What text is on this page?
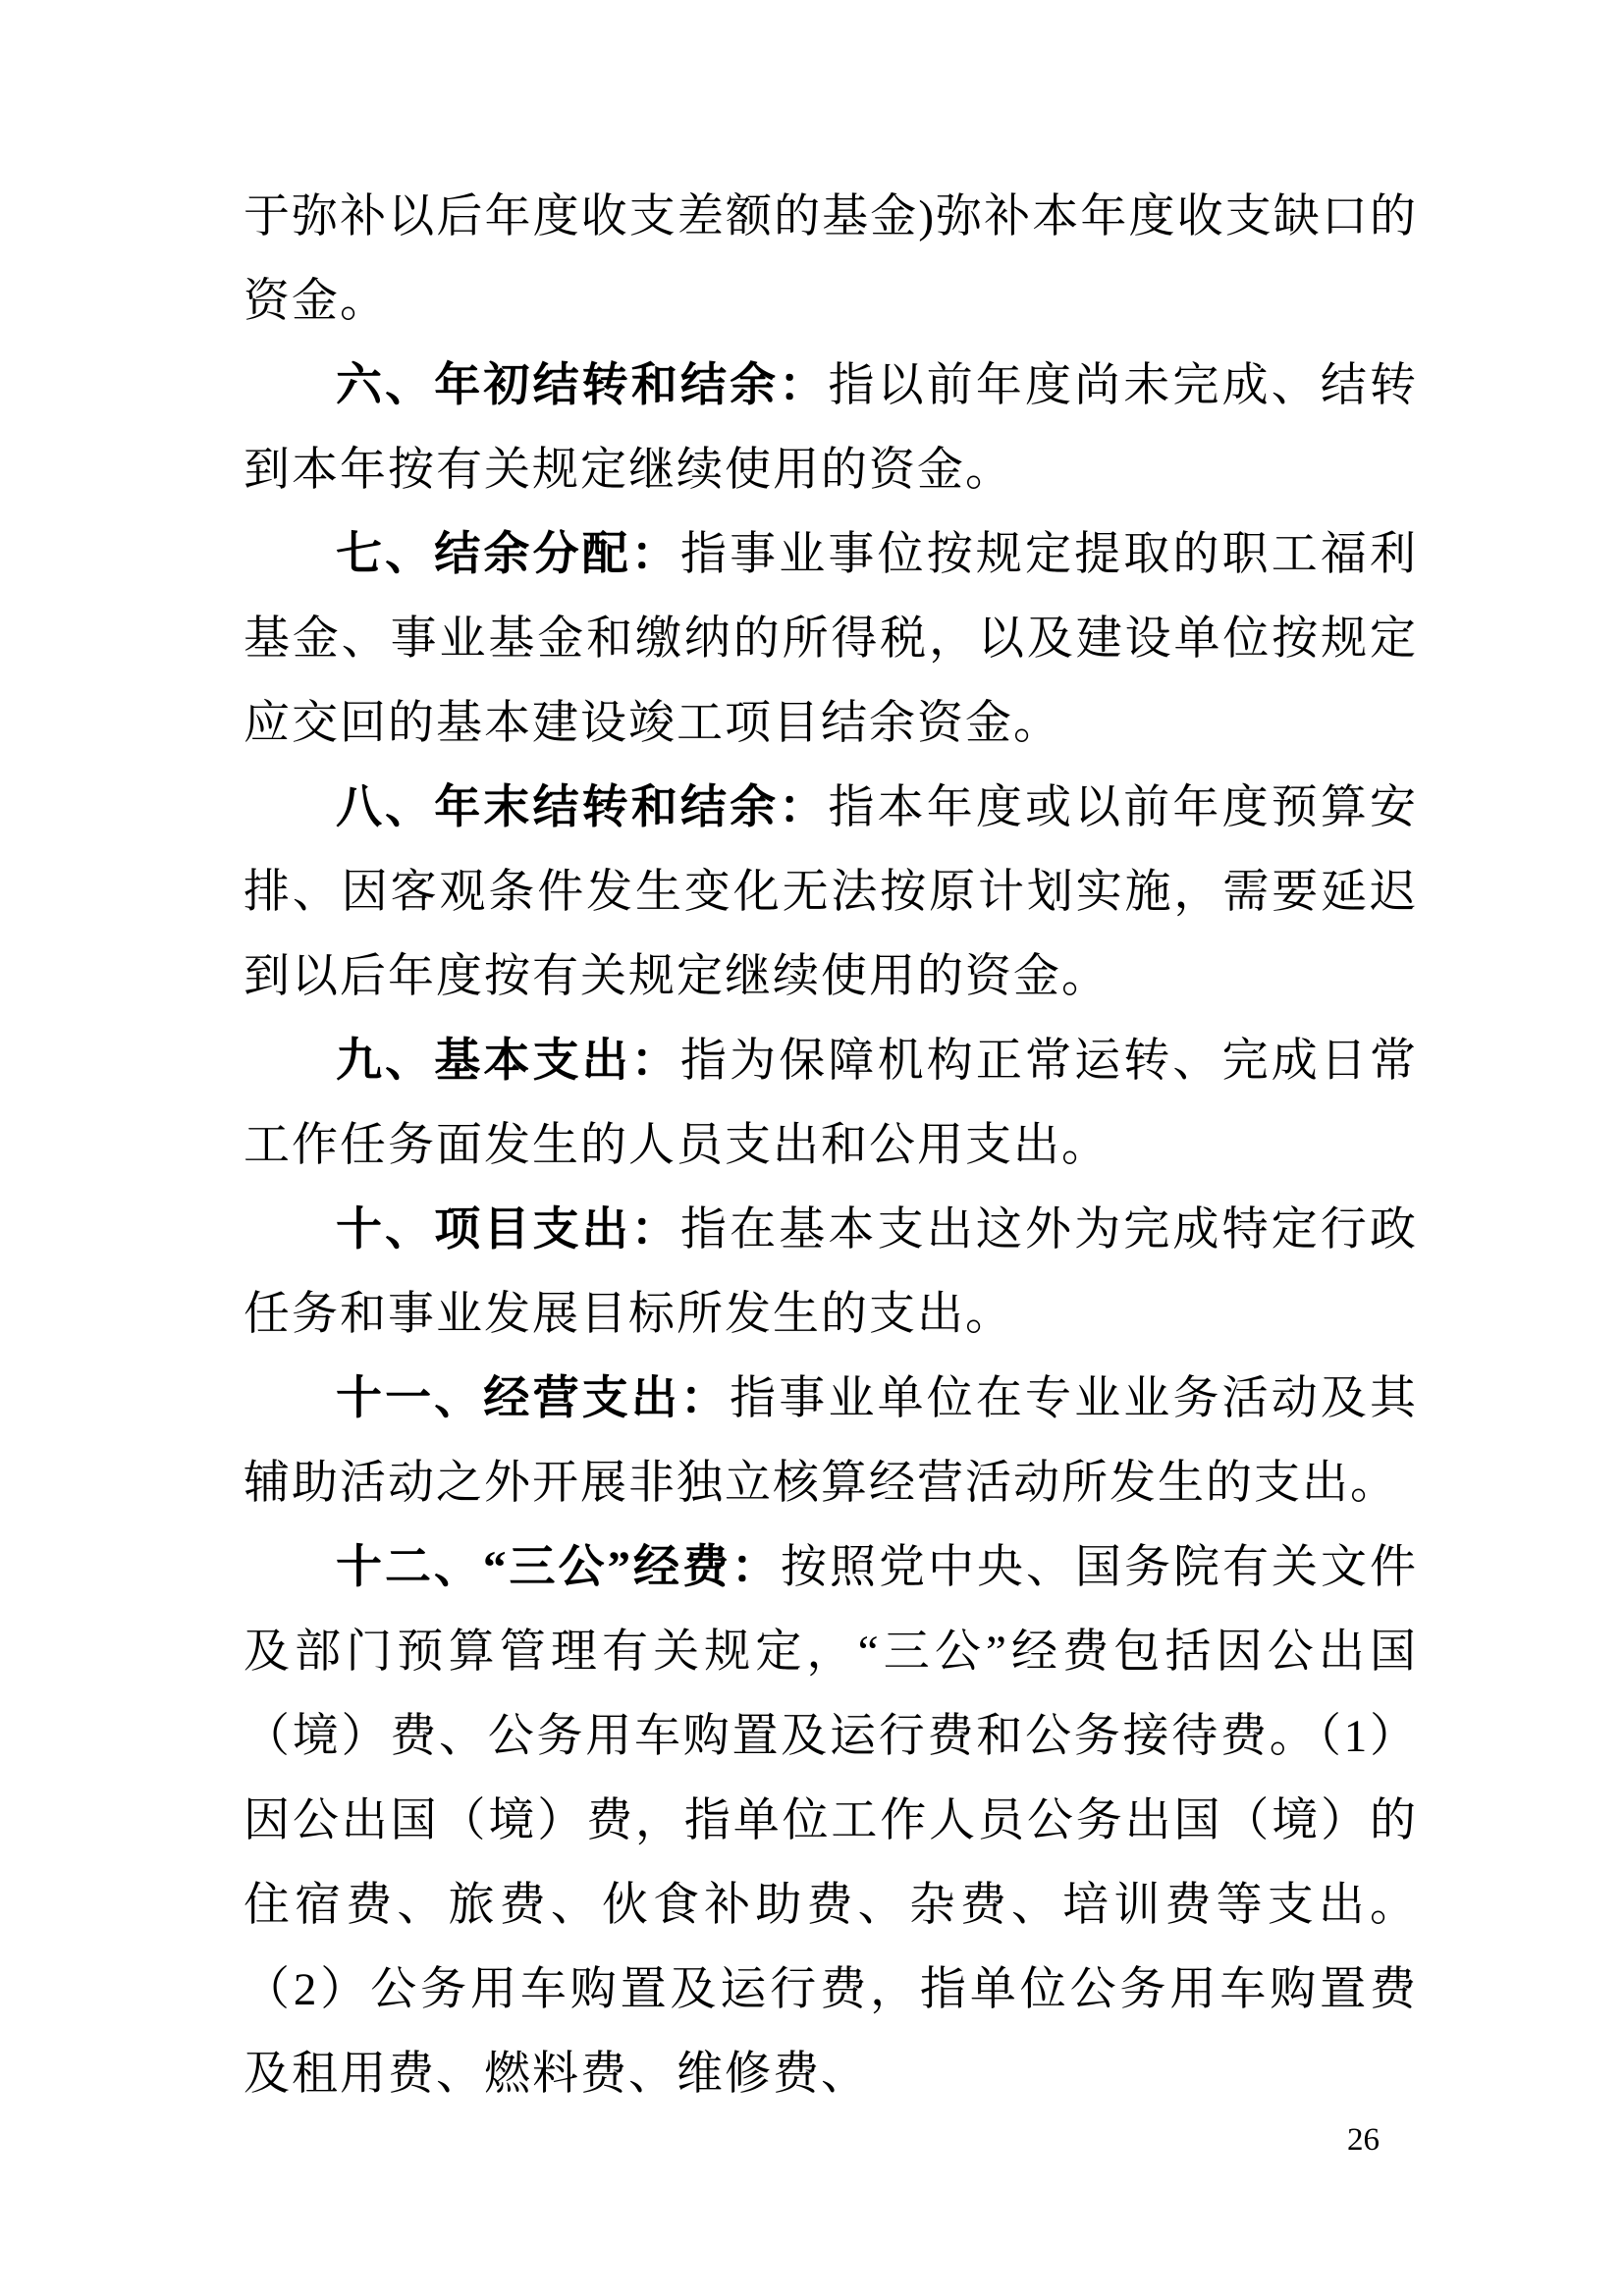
于弥补以后年度收支差额的基金)弥补本年度收支缺口的资金。

六、年初结转和结余：指以前年度尚未完成、结转到本年按有关规定继续使用的资金。

七、结余分配：指事业事位按规定提取的职工福利基金、事业基金和缴纳的所得税，以及建设单位按规定应交回的基本建设竣工项目结余资金。

八、年末结转和结余：指本年度或以前年度预算安排、因客观条件发生变化无法按原计划实施，需要延迟到以后年度按有关规定继续使用的资金。

九、基本支出：指为保障机构正常运转、完成日常工作任务面发生的人员支出和公用支出。

十、项目支出：指在基本支出这外为完成特定行政任务和事业发展目标所发生的支出。

十一、经营支出：指事业单位在专业业务活动及其辅助活动之外开展非独立核算经营活动所发生的支出。

十二、“三公”经费：按照党中央、国务院有关文件及部门预算管理有关规定，“三公”经费包括因公出国（境）费、公务用车购置及运行费和公务接待费。（1）因公出国（境）费，指单位工作人员公务出国（境）的住宿费、旅费、伙食补助费、杂费、培训费等支出。（2）公务用车购置及运行费，指单位公务用车购置费及租用费、燃料费、维修费、

26
